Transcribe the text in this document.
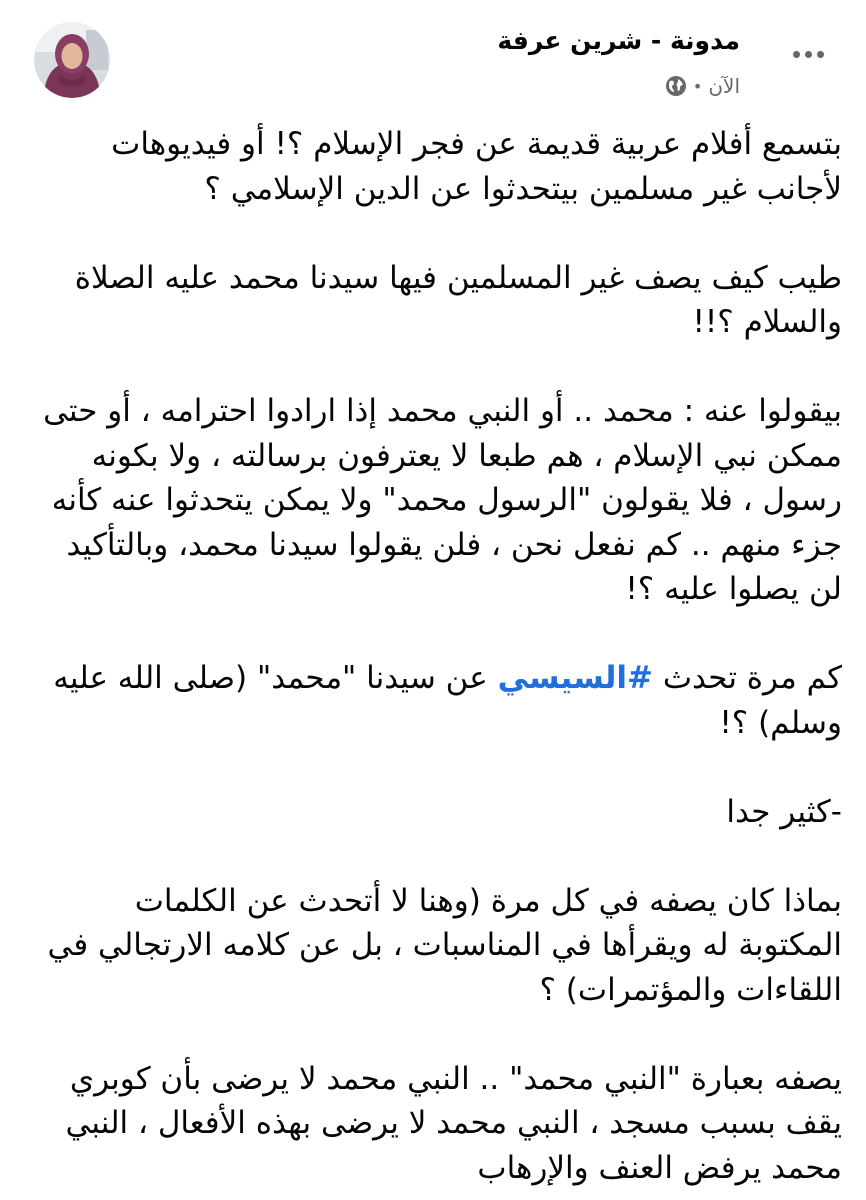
مدونة - شرين عرفة
الآن
•

بتسمع أفلام عربية قديمة عن فجر الإسلام ؟! أو فيديوهات لأجانب غير مسلمين بيتحدثوا عن الدين الإسلامي ؟

طيب كيف يصف غير المسلمين فيها سيدنا محمد عليه الصلاة والسلام ؟!!

بيقولوا عنه : محمد .. أو النبي محمد إذا ارادوا احترامه ، أو حتى ممكن نبي الإسلام ، هم طبعا لا يعترفون برسالته ، ولا بكونه رسول ، فلا يقولون "الرسول محمد" ولا يمكن يتحدثوا عنه كأنه جزء منهم .. كم نفعل نحن ، فلن يقولوا سيدنا محمد، وبالتأكيد لن يصلوا عليه ؟!

كم مرة تحدث #السيسي عن سيدنا "محمد" (صلى الله عليه وسلم) ؟!

-كثير جدا

بماذا كان يصفه في كل مرة (وهنا لا أتحدث عن الكلمات المكتوبة له ويقرأها في المناسبات ، بل عن كلامه الارتجالي في اللقاءات والمؤتمرات) ؟

يصفه بعبارة "النبي محمد" .. النبي محمد لا يرضى بأن كوبري يقف بسبب مسجد ، النبي محمد لا يرضى بهذه الأفعال ، النبي محمد يرفض العنف والإرهاب
